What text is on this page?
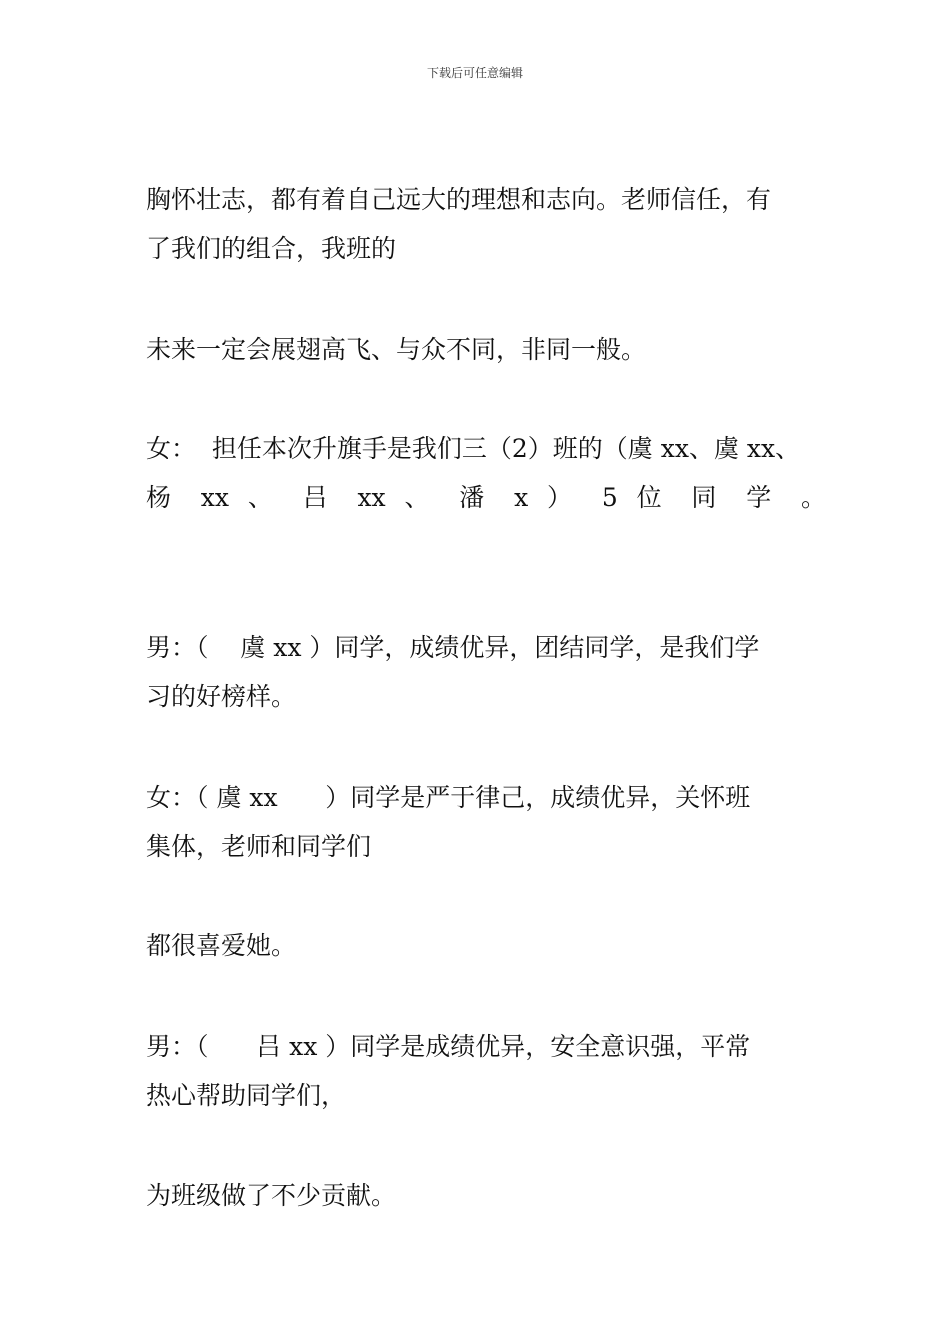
下载后可任意编辑
胸怀壮志，都有着自己远大的理想和志向。老师信任，有
了我们的组合，我班的
未来一定会展翅高飞、与众不同，非同一般。
女：  担任本次升旗手是我们三（2）班的（虞 xx、虞 xx、
杨 xx 、 吕 xx 、 潘 x ） 5 位 同 学 。
男：（    虞 xx ）同学，成绩优异，团结同学，是我们学
习的好榜样。
女：（ 虞 xx      ）同学是严于律己，成绩优异，关怀班
集体，老师和同学们
都很喜爱她。
男：（      吕 xx ）同学是成绩优异，安全意识强，平常
热心帮助同学们，
为班级做了不少贡献。
